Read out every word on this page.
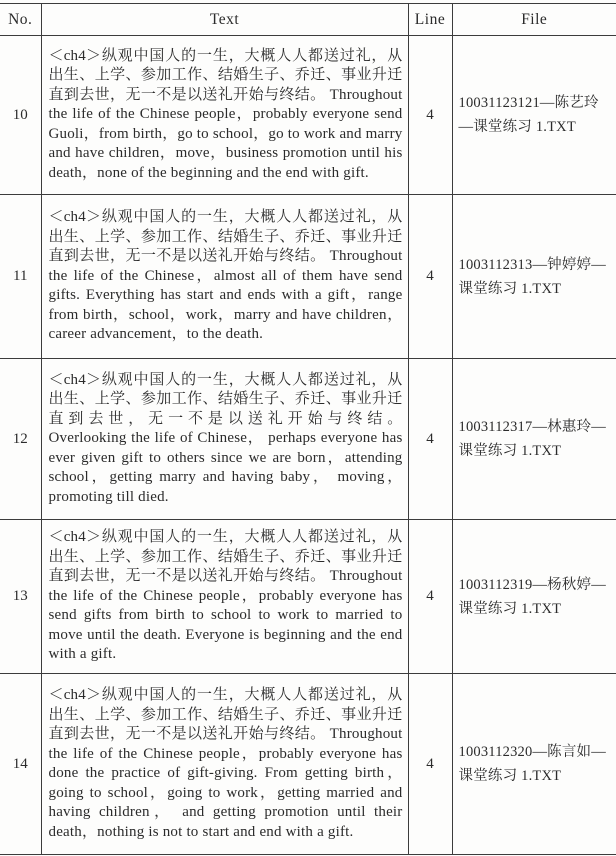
No.	Text	Line	File
10	＜ch4＞纵观中国人的一生，大概人人都送过礼，从出生、上学、参加工作、结婚生子、乔迁、事业升迁直到去世，无一不是以送礼开始与终结。 Throughout the life of the Chinese people，probably everyone send Guoli，from birth，go to school，go to work and marry and have children，move，business promotion until his death，none of the beginning and the end with gift.	4	10031123121—陈艺玲—课堂练习 1.TXT
11	＜ch4＞纵观中国人的一生，大概人人都送过礼，从出生、上学、参加工作、结婚生子、乔迁、事业升迁直到去世，无一不是以送礼开始与终结。 Throughout the life of the Chinese，almost all of them have send gifts. Everything has start and ends with a gift，range from birth，school，work，marry and have children，career advancement，to the death.	4	1003112313—钟婷婷—课堂练习 1.TXT
12	＜ch4＞纵观中国人的一生，大概人人都送过礼，从出生、上学、参加工作、结婚生子、乔迁、事业升迁直到去世，无一不是以送礼开始与终结。 Overlooking the life of Chinese， perhaps everyone has ever given gift to others since we are born，attending school，getting marry and having baby， moving，promoting till died.	4	1003112317—林惠玲—课堂练习 1.TXT
13	＜ch4＞纵观中国人的一生，大概人人都送过礼，从出生、上学、参加工作、结婚生子、乔迁、事业升迁直到去世，无一不是以送礼开始与终结。 Throughout the life of the Chinese people，probably everyone has send gifts from birth to school to work to married to move until the death. Everyone is beginning and the end with a gift.	4	1003112319—杨秋婷—课堂练习 1.TXT
14	＜ch4＞纵观中国人的一生，大概人人都送过礼，从出生、上学、参加工作、结婚生子、乔迁、事业升迁直到去世，无一不是以送礼开始与终结。 Throughout the life of the Chinese people，probably everyone has done the practice of gift-giving. From getting birth，going to school，going to work，getting married and having children， and getting promotion until their death，nothing is not to start and end with a gift.	4	1003112320—陈言如—课堂练习 1.TXT
